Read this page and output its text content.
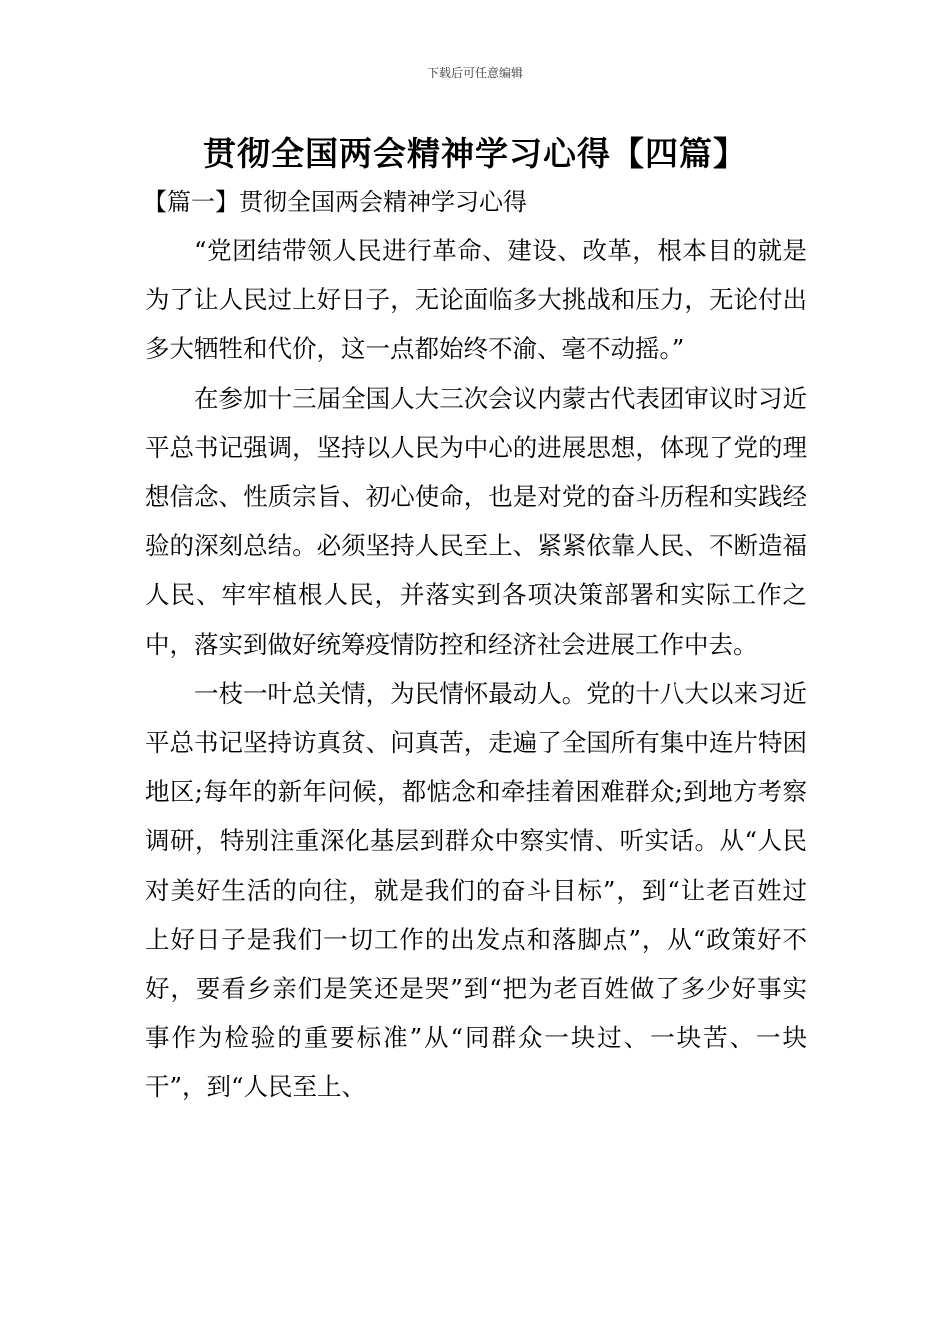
下载后可任意编辑
贯彻全国两会精神学习心得【四篇】
【篇一】贯彻全国两会精神学习心得

“党团结带领人民进行革命、建设、改革，根本目的就是为了让人民过上好日子，无论面临多大挑战和压力，无论付出多大牺牲和代价，这一点都始终不渝、毫不动摇。”

在参加十三届全国人大三次会议内蒙古代表团审议时习近平总书记强调，坚持以人民为中心的进展思想，体现了党的理想信念、性质宗旨、初心使命，也是对党的奋斗历程和实践经验的深刻总结。必须坚持人民至上、紧紧依靠人民、不断造福人民、牢牢植根人民，并落实到各项决策部署和实际工作之中，落实到做好统筹疫情防控和经济社会进展工作中去。

一枝一叶总关情，为民情怀最动人。党的十八大以来习近平总书记坚持访真贫、问真苦，走遍了全国所有集中连片特困地区;每年的新年问候，都惦念和牵挂着困难群众;到地方考察调研，特别注重深化基层到群众中察实情、听实话。从“人民对美好生活的向往，就是我们的奋斗目标”，到“让老百姓过上好日子是我们一切工作的出发点和落脚点”，从“政策好不好，要看乡亲们是笑还是哭”到“把为老百姓做了多少好事实事作为检验的重要标准”从“同群众一块过、一块苦、一块干”，到“人民至上、
